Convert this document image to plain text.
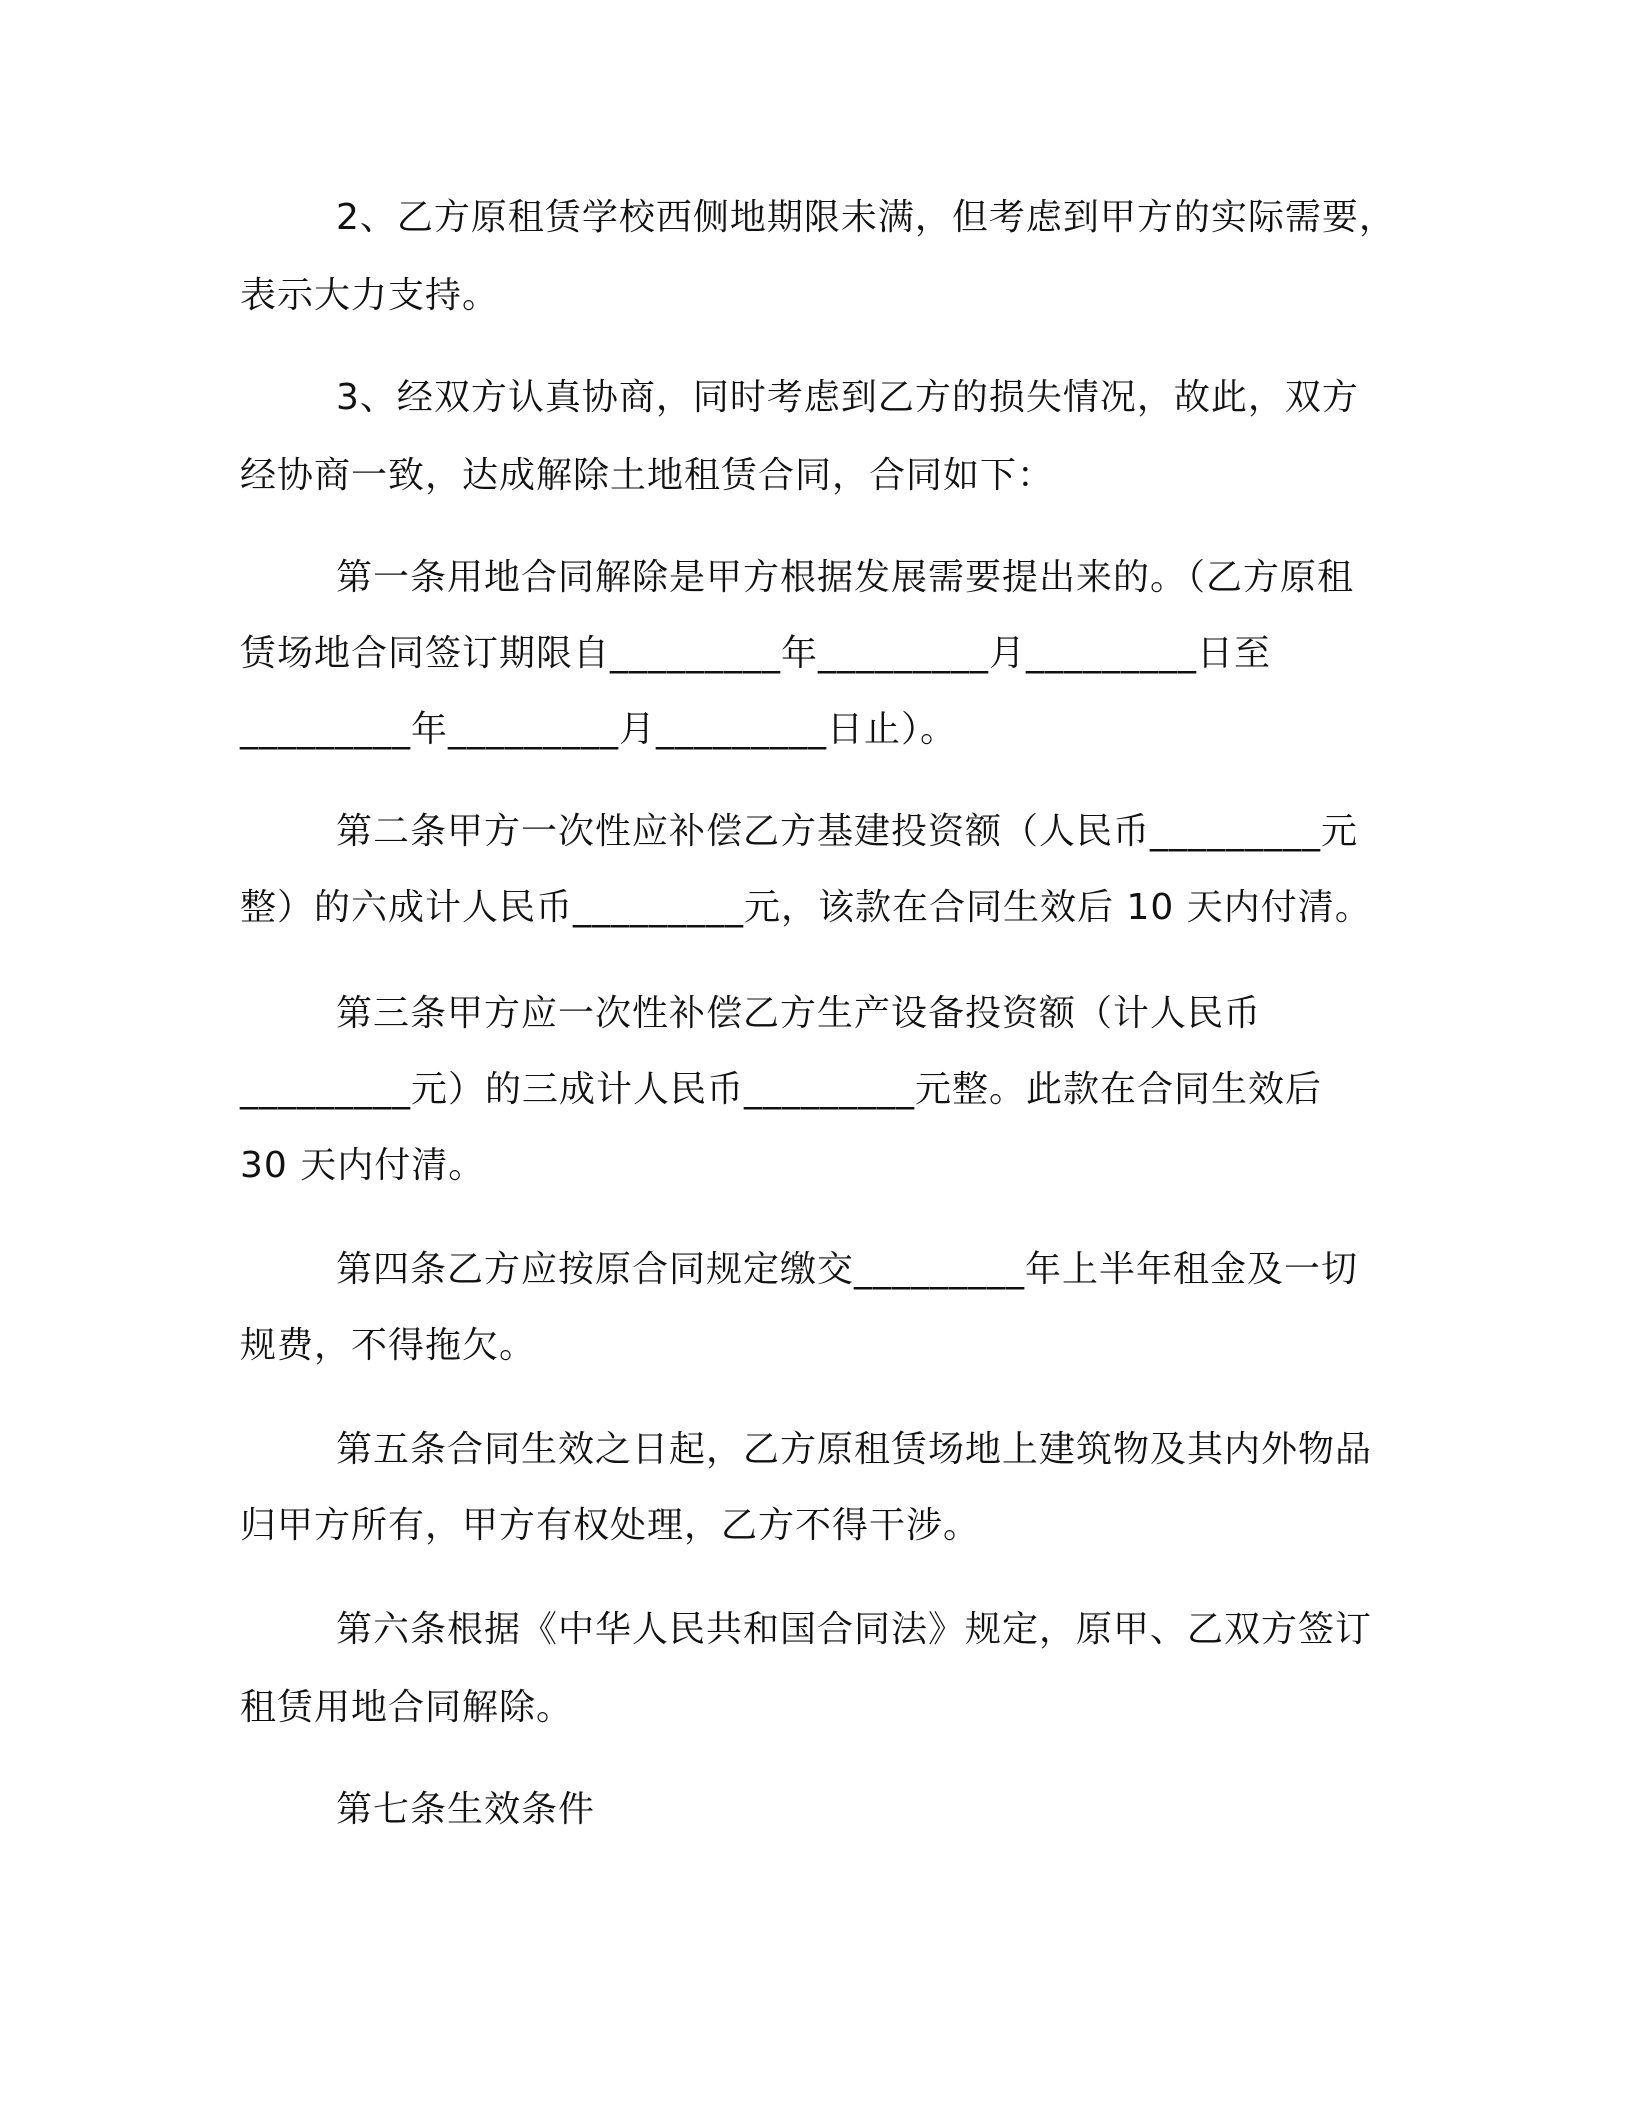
2、乙方原租赁学校西侧地期限未满，但考虑到甲方的实际需要，
表示大力支持。
3、经双方认真协商，同时考虑到乙方的损失情况，故此，双方
经协商一致，达成解除土地租赁合同，合同如下：
第一条用地合同解除是甲方根据发展需要提出来的。（乙方原租
赁场地合同签订期限自_________年_________月_________日至
_________年_________月_________日止）。
第二条甲方一次性应补偿乙方基建投资额（人民币_________元
整）的六成计人民币_________元，该款在合同生效后 10 天内付清。
第三条甲方应一次性补偿乙方生产设备投资额（计人民币
_________元）的三成计人民币_________元整。此款在合同生效后
30 天内付清。
第四条乙方应按原合同规定缴交_________年上半年租金及一切
规费，不得拖欠。
第五条合同生效之日起，乙方原租赁场地上建筑物及其内外物品
归甲方所有，甲方有权处理，乙方不得干涉。
第六条根据《中华人民共和国合同法》规定，原甲、乙双方签订
租赁用地合同解除。
第七条生效条件
